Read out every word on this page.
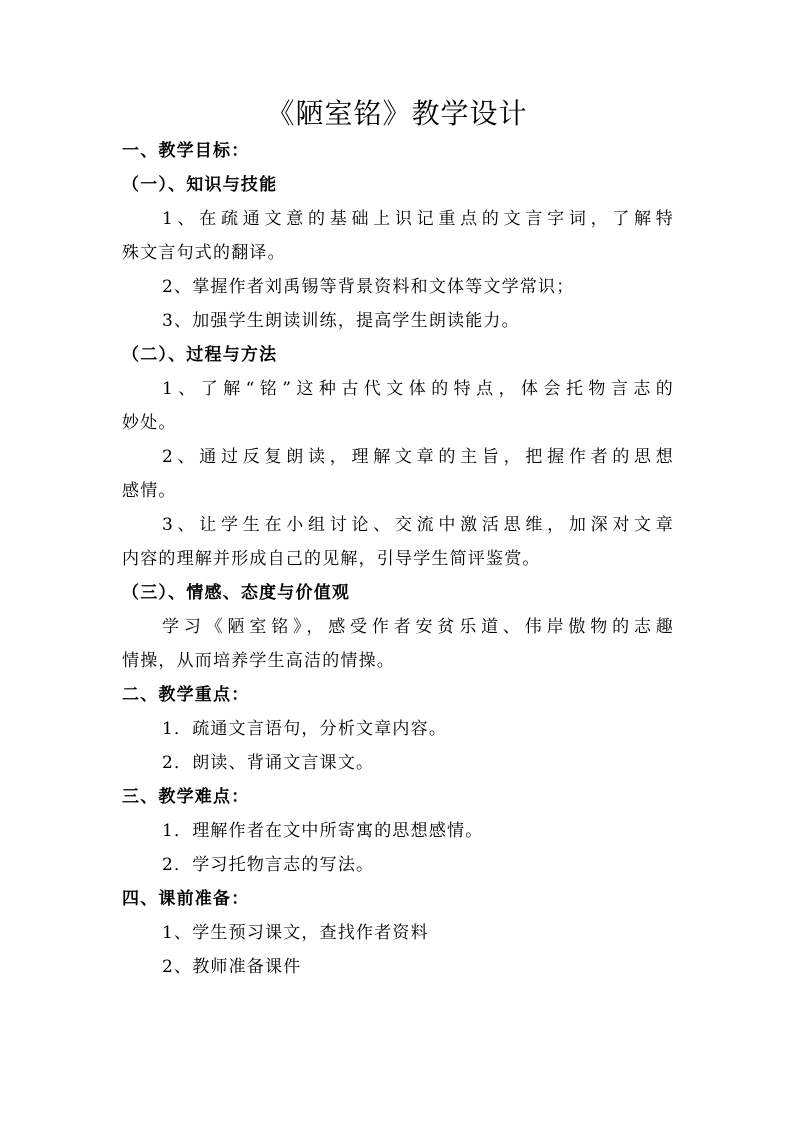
《陋室铭》教学设计
一、教学目标：
（一）、知识与技能
1、在疏通文意的基础上识记重点的文言字词，了解特
殊文言句式的翻译。
2、掌握作者刘禹锡等背景资料和文体等文学常识；
3、加强学生朗读训练，提高学生朗读能力。
（二）、过程与方法
1、了解“铭”这种古代文体的特点，体会托物言志的
妙处。
2、通过反复朗读，理解文章的主旨，把握作者的思想
感情。
3、让学生在小组讨论、交流中激活思维，加深对文章
内容的理解并形成自己的见解，引导学生简评鉴赏。
（三）、情感、态度与价值观
学习《陋室铭》，感受作者安贫乐道、伟岸傲物的志趣
情操，从而培养学生高洁的情操。
二、教学重点：
1．疏通文言语句，分析文章内容。
2．朗读、背诵文言课文。
三、教学难点：
1．理解作者在文中所寄寓的思想感情。
2．学习托物言志的写法。
四、课前准备：
1、学生预习课文，查找作者资料
2、教师准备课件
